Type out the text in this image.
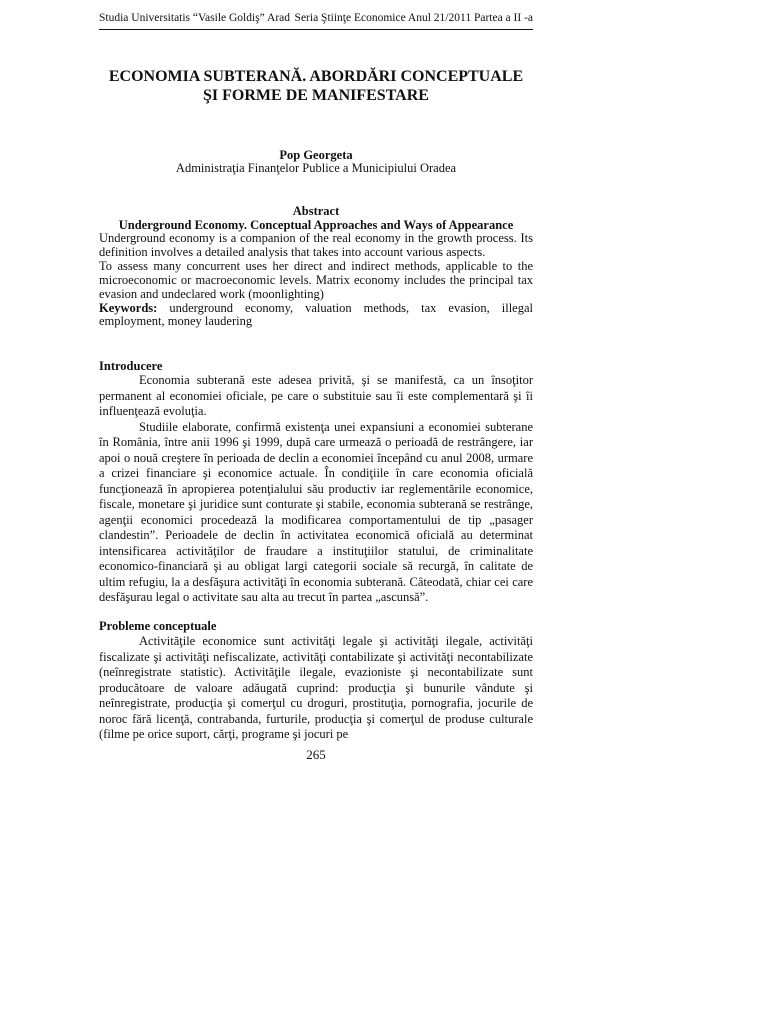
Studia Universitatis “Vasile Goldiş” Arad Seria Ştiinţe Economice Anul 21/2011 Partea a II -a
ECONOMIA SUBTERANĂ. ABORDĂRI CONCEPTUALE
ŞI FORME DE MANIFESTARE
Pop Georgeta
Administraţia Finanţelor Publice a Municipiului Oradea
Abstract
Underground Economy. Conceptual Approaches and Ways of Appearance

Underground economy is a companion of the real economy in the growth process. Its definition involves a detailed analysis that takes into account various aspects.

To assess many concurrent uses her direct and indirect methods, applicable to the microeconomic or macroeconomic levels. Matrix economy includes the principal tax evasion and undeclared work (moonlighting)

Keywords: underground economy, valuation methods, tax evasion, illegal employment, money laudering

Introducere

Economia subterană este adesea privită, şi se manifestă, ca un însoţitor permanent al economiei oficiale, pe care o substituie sau îi este complementară şi îi influenţează evoluţia.

Studiile elaborate, confirmă existenţa unei expansiuni a economiei subterane în România, între anii 1996 şi 1999, după care urmează o perioadă de restrângere, iar apoi o nouă creştere în perioada de declin a economiei începând cu anul 2008, urmare a crizei financiare şi economice actuale. În condiţiile în care economia oficială funcţionează în apropierea potenţialului său productiv iar reglementările economice, fiscale, monetare şi juridice sunt conturate şi stabile, economia subterană se restrânge, agenţii economici procedează la modificarea comportamentului de tip „pasager clandestin”. Perioadele de declin în activitatea economică oficială au determinat intensificarea activităţilor de fraudare a instituţiilor statului, de criminalitate economico-financiară şi au obligat largi categorii sociale să recurgă, în calitate de ultim refugiu, la a desfăşura activităţi în economia subterană. Câteodată, chiar cei care desfăşurau legal o activitate sau alta au trecut în partea „ascunsă”.

Probleme conceptuale

Activităţile economice sunt activităţi legale şi activităţi ilegale, activităţi fiscalizate şi activităţi nefiscalizate, activităţi contabilizate şi activităţi necontabilizate (neînregistrate statistic). Activităţile ilegale, evazioniste şi necontabilizate sunt producătoare de valoare adăugată cuprind: producţia şi bunurile vândute şi neînregistrate, producţia şi comerţul cu droguri, prostituţia, pornografia, jocurile de noroc fără licenţă, contrabanda, furturile, producţia şi comerţul de produse culturale (filme pe orice suport, cărţi, programe şi jocuri pe

265
